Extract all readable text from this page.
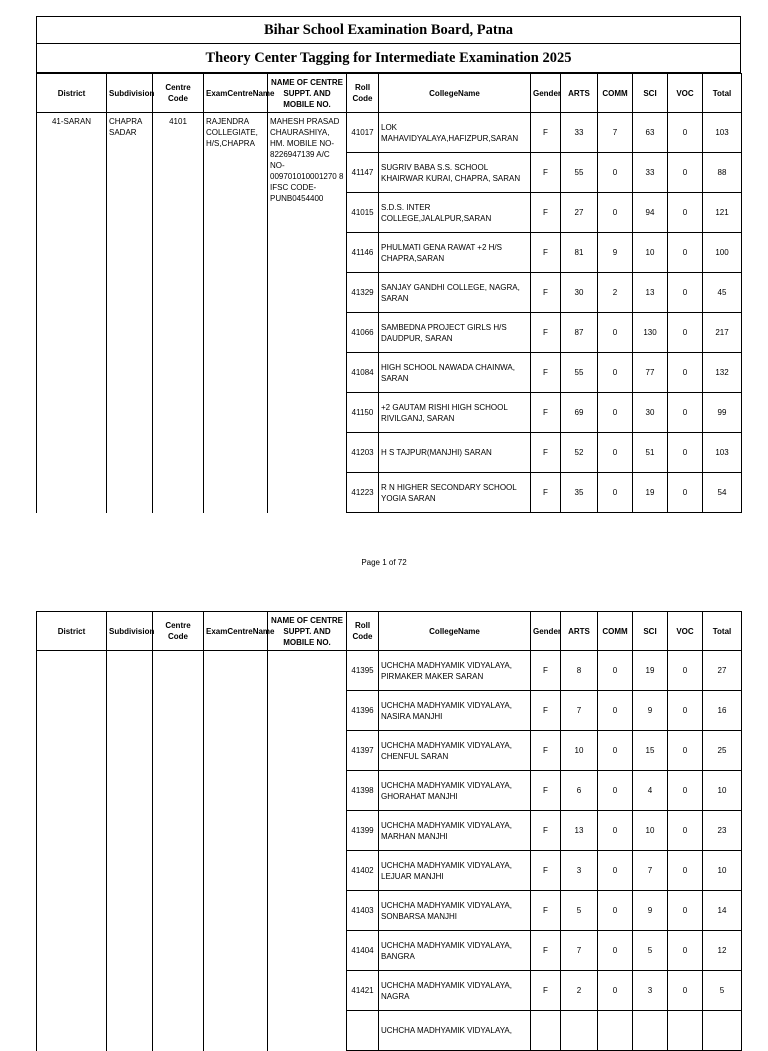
Bihar School Examination Board, Patna
Theory Center Tagging for Intermediate Examination 2025
District	Subdivision	Centre Code	ExamCentreName	NAME OF CENTRE SUPPT. AND MOBILE NO.	Roll Code	CollegeName	Gender	ARTS	COMM	SCI	VOC	Total
41-SARAN	CHAPRA SADAR	4101	RAJENDRA COLLEGIATE, H/S,CHAPRA	MAHESH PRASAD CHAURASHIYA, HM. MOBILE NO-8226947139 A/C NO-009701010001270 8 IFSC CODE-PUNB0454400	41017	LOK MAHAVIDYALAYA,HAFIZPUR,SARAN	F	33	7	63	0	103
					41147	SUGRIV BABA S.S. SCHOOL KHAIRWAR KURAI, CHAPRA, SARAN	F	55	0	33	0	88
					41015	S.D.S. INTER COLLEGE,JALALPUR,SARAN	F	27	0	94	0	121
					41146	PHULMATI GENA RAWAT +2 H/S CHAPRA,SARAN	F	81	9	10	0	100
					41329	SANJAY GANDHI COLLEGE, NAGRA, SARAN	F	30	2	13	0	45
					41066	SAMBEDNA PROJECT GIRLS H/S DAUDPUR, SARAN	F	87	0	130	0	217
					41084	HIGH SCHOOL NAWADA CHAINWA, SARAN	F	55	0	77	0	132
					41150	+2 GAUTAM RISHI HIGH SCHOOL RIVILGANJ, SARAN	F	69	0	30	0	99
					41203	H S TAJPUR(MANJHI) SARAN	F	52	0	51	0	103
					41223	R N HIGHER SECONDARY SCHOOL YOGIA SARAN	F	35	0	19	0	54
Page 1 of 72
District	Subdivision	Centre Code	ExamCentreName	NAME OF CENTRE SUPPT. AND MOBILE NO.	Roll Code	CollegeName	Gender	ARTS	COMM	SCI	VOC	Total
					41395	UCHCHA MADHYAMIK VIDYALAYA, PIRMAKER MAKER SARAN	F	8	0	19	0	27
					41396	UCHCHA MADHYAMIK VIDYALAYA, NASIRA MANJHI	F	7	0	9	0	16
					41397	UCHCHA MADHYAMIK VIDYALAYA, CHENFUL SARAN	F	10	0	15	0	25
					41398	UCHCHA MADHYAMIK VIDYALAYA, GHORAHAT MANJHI	F	6	0	4	0	10
					41399	UCHCHA MADHYAMIK VIDYALAYA, MARHAN MANJHI	F	13	0	10	0	23
					41402	UCHCHA MADHYAMIK VIDYALAYA, LEJUAR MANJHI	F	3	0	7	0	10
					41403	UCHCHA MADHYAMIK VIDYALAYA, SONBARSA MANJHI	F	5	0	9	0	14
					41404	UCHCHA MADHYAMIK VIDYALAYA, BANGRA	F	7	0	5	0	12
					41421	UCHCHA MADHYAMIK VIDYALAYA, NAGRA	F	2	0	3	0	5
						UCHCHA MADHYAMIK VIDYALAYA,						
